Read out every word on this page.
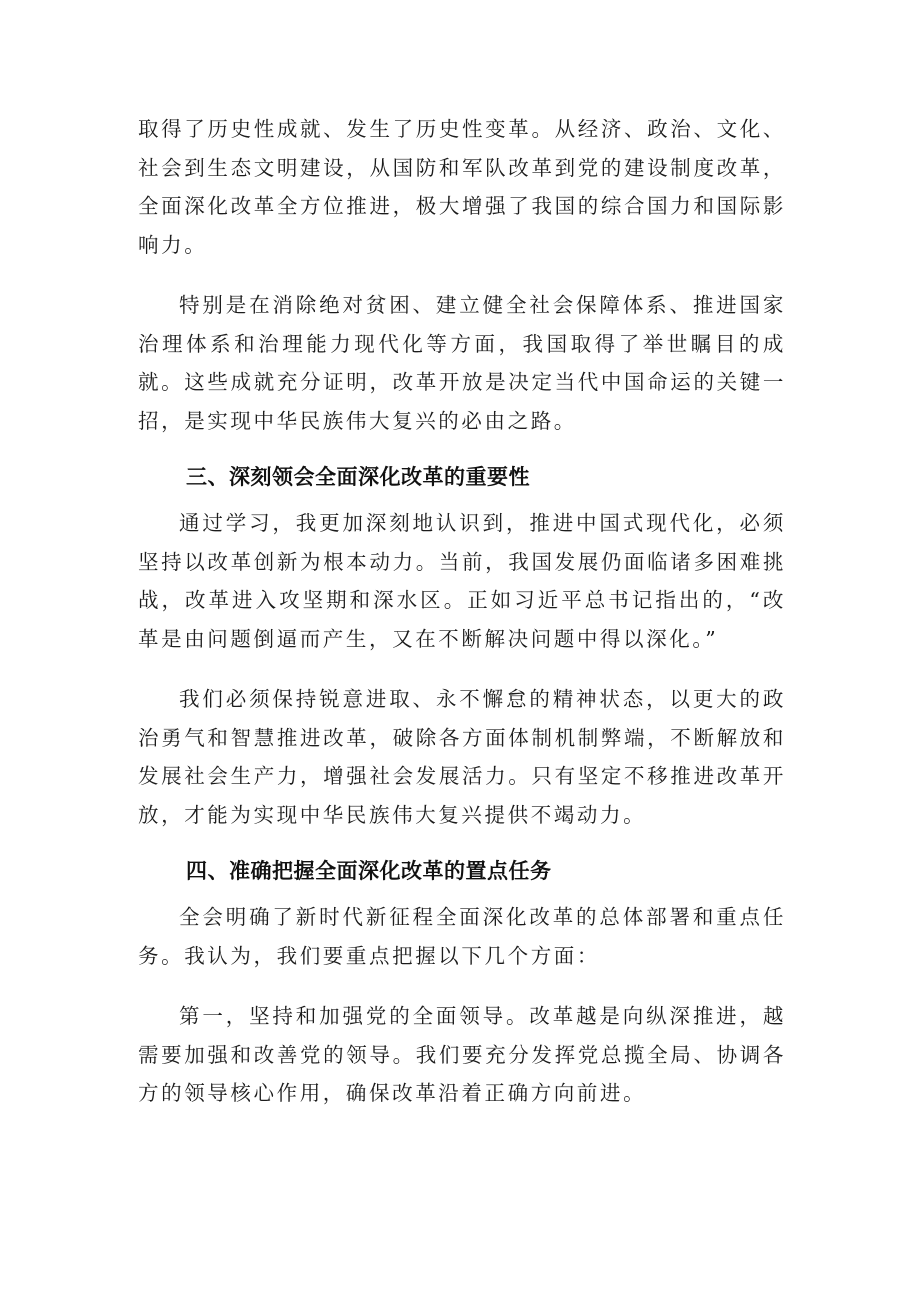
取得了历史性成就、发生了历史性变革。从经济、政治、文化、社会到生态文明建设，从国防和军队改革到党的建设制度改革，全面深化改革全方位推进，极大增强了我国的综合国力和国际影响力。

特别是在消除绝对贫困、建立健全社会保障体系、推进国家治理体系和治理能力现代化等方面，我国取得了举世瞩目的成就。这些成就充分证明，改革开放是决定当代中国命运的关键一招，是实现中华民族伟大复兴的必由之路。

三、深刻领会全面深化改革的重要性

通过学习，我更加深刻地认识到，推进中国式现代化，必须坚持以改革创新为根本动力。当前，我国发展仍面临诸多困难挑战，改革进入攻坚期和深水区。正如习近平总书记指出的，“改革是由问题倒逼而产生，又在不断解决问题中得以深化。”

我们必须保持锐意进取、永不懈怠的精神状态，以更大的政治勇气和智慧推进改革，破除各方面体制机制弊端，不断解放和发展社会生产力，增强社会发展活力。只有坚定不移推进改革开放，才能为实现中华民族伟大复兴提供不竭动力。

四、准确把握全面深化改革的置点任务

全会明确了新时代新征程全面深化改革的总体部署和重点任务。我认为，我们要重点把握以下几个方面：

第一，坚持和加强党的全面领导。改革越是向纵深推进，越需要加强和改善党的领导。我们要充分发挥党总揽全局、协调各方的领导核心作用，确保改革沿着正确方向前进。
